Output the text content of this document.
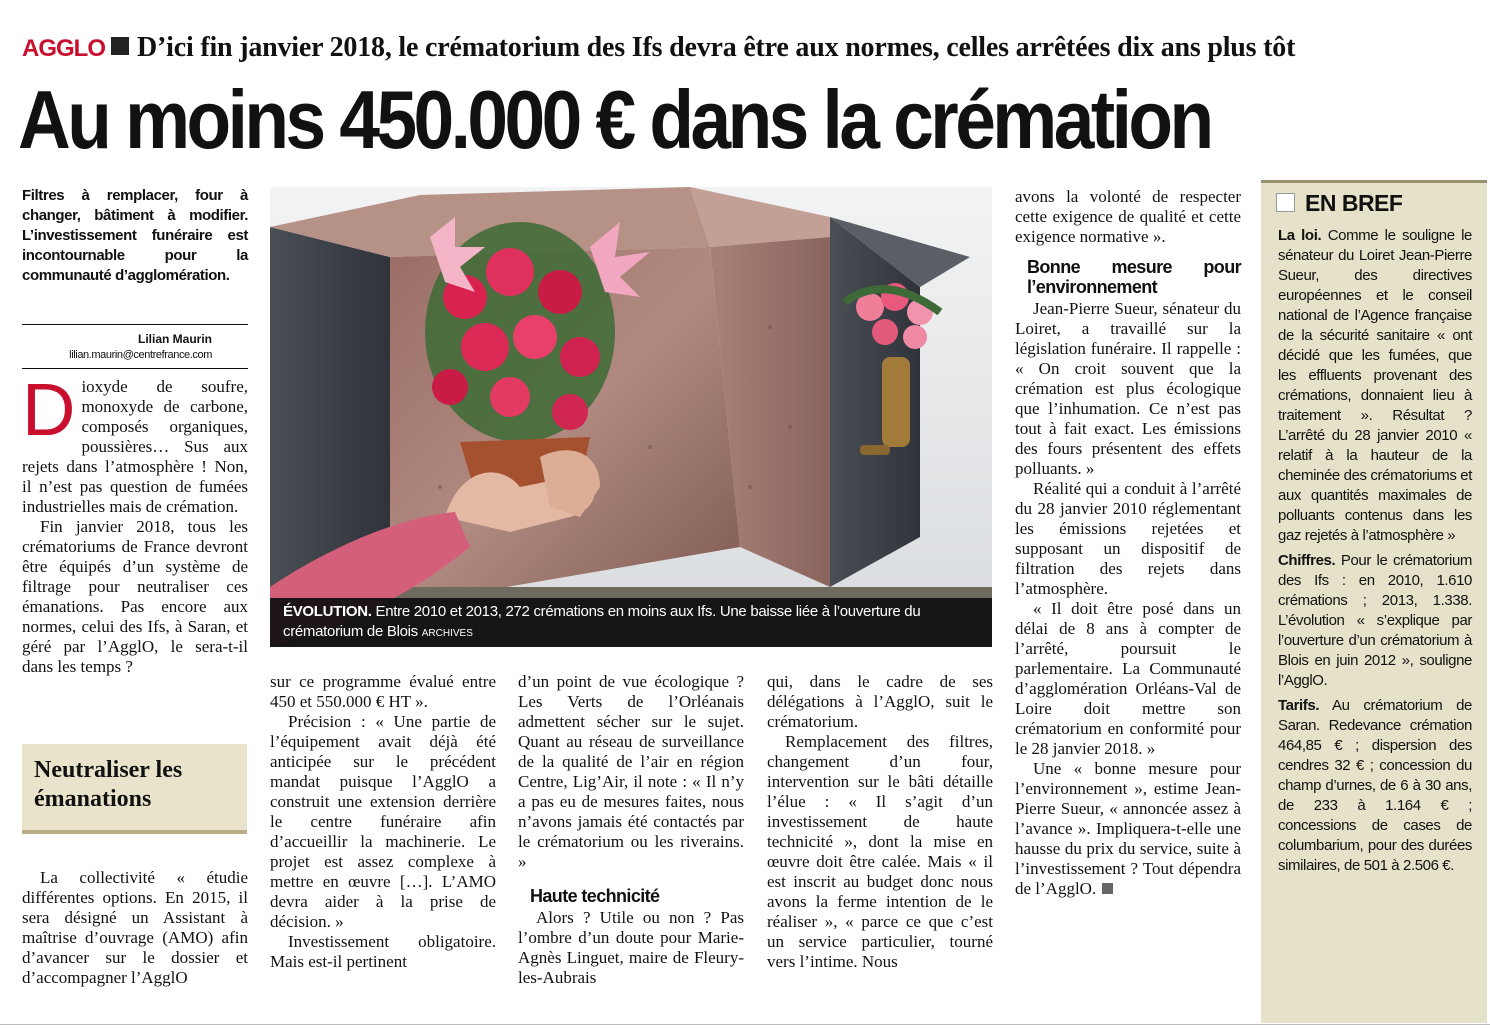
AGGLO D’ici fin janvier 2018, le crématorium des Ifs devra être aux normes, celles arrêtées dix ans plus tôt
Au moins 450.000 € dans la crémation
Filtres à remplacer, four à changer, bâtiment à modifier. L’investissement funéraire est incontournable pour la communauté d’agglomération.
Lilian Maurin
lilian.maurin@centrefrance.com

Dioxyde de soufre, monoxyde de carbone, composés organiques, poussières… Sus aux rejets dans l’atmosphère ! Non, il n’est pas question de fumées industrielles mais de crémation.

Fin janvier 2018, tous les crématoriums de France devront être équipés d’un système de filtrage pour neutraliser ces émanations. Pas encore aux normes, celui des Ifs, à Saran, et géré par l’AgglO, le sera-t-il dans les temps ?

Neutraliser les émanations

La collectivité « étudie différentes options. En 2015, il sera désigné un Assistant à maîtrise d’ouvrage (AMO) afin d’avancer sur le dossier et d’accompagner l’AgglO

ÉVOLUTION. Entre 2010 et 2013, 272 crémations en moins aux Ifs. Une baisse liée à l’ouverture du crématorium de Blois ARCHIVES

sur ce programme évalué entre 450 et 550.000 € HT ».

Précision : « Une partie de l’équipement avait déjà été anticipée sur le précédent mandat puisque l’AgglO a construit une extension derrière le centre funéraire afin d’accueillir la machinerie. Le projet est assez complexe à mettre en œuvre […]. L’AMO devra aider à la prise de décision. »

Investissement obligatoire. Mais est-il pertinent

d’un point de vue écologique ? Les Verts de l’Orléanais admettent sécher sur le sujet. Quant au réseau de surveillance de la qualité de l’air en région Centre, Lig’Air, il note : « Il n’y a pas eu de mesures faites, nous n’avons jamais été contactés par le crématorium ou les riverains. »

Haute technicité

Alors ? Utile ou non ? Pas l’ombre d’un doute pour Marie-Agnès Linguet, maire de Fleury-les-Aubrais

qui, dans le cadre de ses délégations à l’AgglO, suit le crématorium.

Remplacement des filtres, changement d’un four, intervention sur le bâti détaille l’élue : « Il s’agit d’un investissement de haute technicité », dont la mise en œuvre doit être calée. Mais « il est inscrit au budget donc nous avons la ferme intention de le réaliser », « parce ce que c’est un service particulier, tourné vers l’intime. Nous

avons la volonté de respecter cette exigence de qualité et cette exigence normative ».

Bonne mesure pour l’environnement

Jean-Pierre Sueur, sénateur du Loiret, a travaillé sur la législation funéraire. Il rappelle : « On croit souvent que la crémation est plus écologique que l’inhumation. Ce n’est pas tout à fait exact. Les émissions des fours présentent des effets polluants. »

Réalité qui a conduit à l’arrêté du 28 janvier 2010 réglementant les émissions rejetées et supposant un dispositif de filtration des rejets dans l’atmosphère.

« Il doit être posé dans un délai de 8 ans à compter de l’arrêté, poursuit le parlementaire. La Communauté d’agglomération Orléans-Val de Loire doit mettre son crématorium en conformité pour le 28 janvier 2018. »

Une « bonne mesure pour l’environnement », estime Jean-Pierre Sueur, « annoncée assez à l’avance ». Impliquera-t-elle une hausse du prix du service, suite à l’investissement ? Tout dépendra de l’AgglO.

EN BREF

La loi. Comme le souligne le sénateur du Loiret Jean-Pierre Sueur, des directives européennes et le conseil national de l’Agence française de la sécurité sanitaire « ont décidé que les fumées, que les effluents provenant des crémations, donnaient lieu à traitement ». Résultat ? L’arrêté du 28 janvier 2010 « relatif à la hauteur de la cheminée des crématoriums et aux quantités maximales de polluants contenus dans les gaz rejetés à l’atmosphère »

Chiffres. Pour le crématorium des Ifs : en 2010, 1.610 crémations ; 2013, 1.338. L’évolution « s’explique par l’ouverture d’un crématorium à Blois en juin 2012 », souligne l’AgglO.

Tarifs. Au crématorium de Saran. Redevance crémation 464,85 € ; dispersion des cendres 32 € ; concession du champ d’urnes, de 6 à 30 ans, de 233 à 1.164 € ; concessions de cases de columbarium, pour des durées similaires, de 501 à 2.506 €.
